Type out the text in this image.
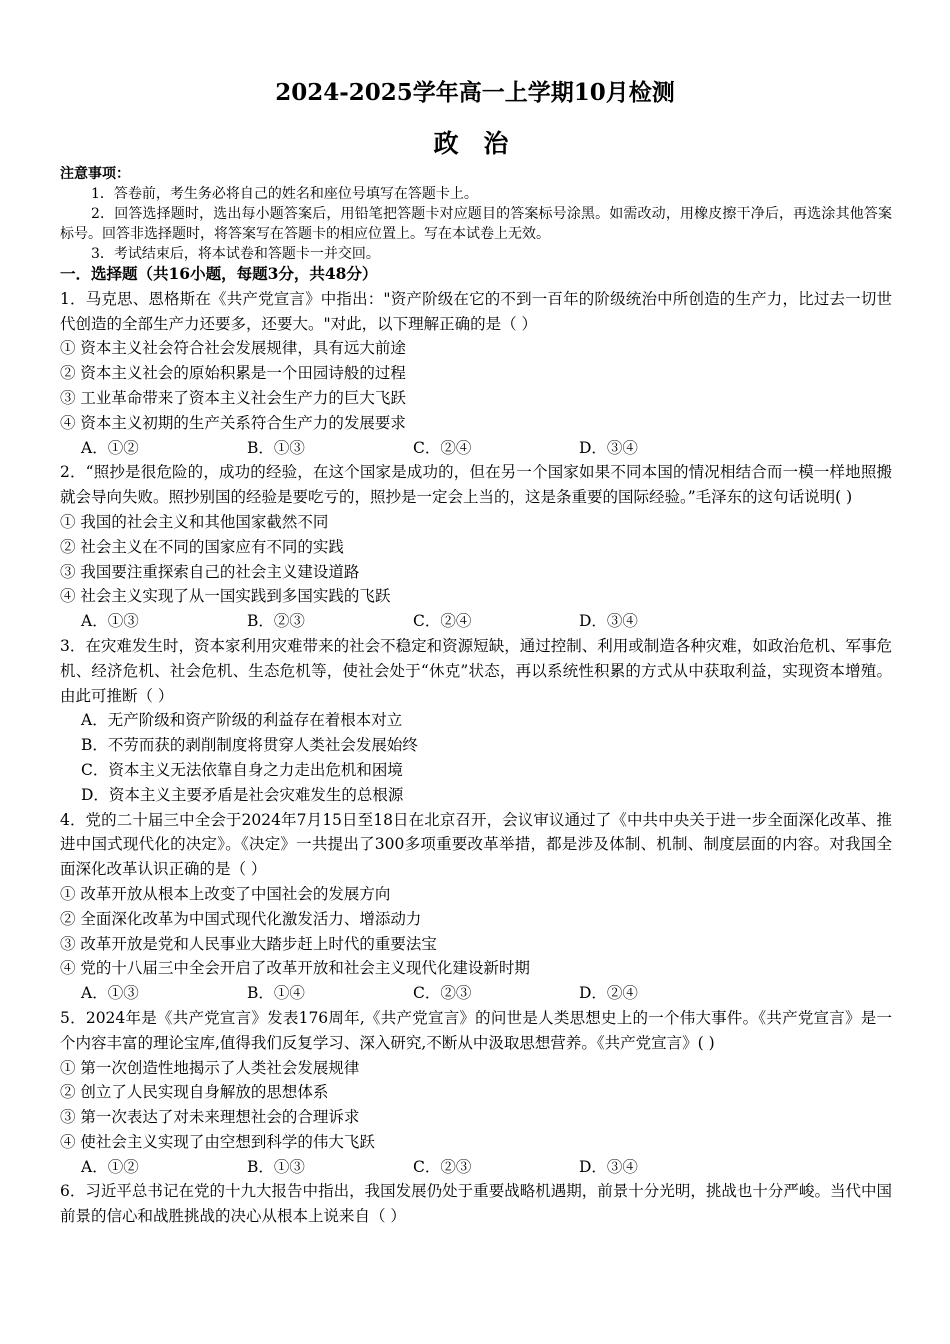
2024-2025学年高一上学期10月检测
政 治
注意事项：

1．答卷前，考生务必将自己的姓名和座位号填写在答题卡上。

2．回答选择题时，选出每小题答案后，用铅笔把答题卡对应题目的答案标号涂黑。如需改动，用橡皮擦干净后，再选涂其他答案标号。回答非选择题时，将答案写在答题卡的相应位置上。写在本试卷上无效。

3．考试结束后，将本试卷和答题卡一并交回。

一．选择题（共16小题，每题3分，共48分）

1．马克思、恩格斯在《共产党宣言》中指出："资产阶级在它的不到一百年的阶级统治中所创造的生产力，比过去一切世代创造的全部生产力还要多，还要大。"对此，以下理解正确的是（ ）

① 资本主义社会符合社会发展规律，具有远大前途

② 资本主义社会的原始积累是一个田园诗般的过程

③ 工业革命带来了资本主义社会生产力的巨大飞跃

④ 资本主义初期的生产关系符合生产力的发展要求

A．①②	B．①③	C．②④	D．③④

2．“照抄是很危险的，成功的经验，在这个国家是成功的，但在另一个国家如果不同本国的情况相结合而一模一样地照搬就会导向失败。照抄别国的经验是要吃亏的，照抄是一定会上当的，这是条重要的国际经验。”毛泽东的这句话说明( )

① 我国的社会主义和其他国家截然不同

② 社会主义在不同的国家应有不同的实践

③ 我国要注重探索自己的社会主义建设道路

④ 社会主义实现了从一国实践到多国实践的飞跃

A．①③	B．②③	C．②④	D．③④

3．在灾难发生时，资本家利用灾难带来的社会不稳定和资源短缺，通过控制、利用或制造各种灾难，如政治危机、军事危机、经济危机、社会危机、生态危机等，使社会处于“休克”状态，再以系统性积累的方式从中获取利益，实现资本增殖。由此可推断（ ）

A．无产阶级和资产阶级的利益存在着根本对立

B．不劳而获的剥削制度将贯穿人类社会发展始终

C．资本主义无法依靠自身之力走出危机和困境

D．资本主义主要矛盾是社会灾难发生的总根源

4．党的二十届三中全会于2024年7月15日至18日在北京召开，会议审议通过了《中共中央关于进一步全面深化改革、推进中国式现代化的决定》。《决定》一共提出了300多项重要改革举措，都是涉及体制、机制、制度层面的内容。对我国全面深化改革认识正确的是（ ）

① 改革开放从根本上改变了中国社会的发展方向

② 全面深化改革为中国式现代化激发活力、增添动力

③ 改革开放是党和人民事业大踏步赶上时代的重要法宝

④ 党的十八届三中全会开启了改革开放和社会主义现代化建设新时期

A．①③	B．①④	C．②③	D．②④

5．2024年是《共产党宣言》发表176周年,《共产党宣言》的问世是人类思想史上的一个伟大事件。《共产党宣言》是一个内容丰富的理论宝库,值得我们反复学习、深入研究,不断从中汲取思想营养。《共产党宣言》( )

① 第一次创造性地揭示了人类社会发展规律

② 创立了人民实现自身解放的思想体系

③ 第一次表达了对未来理想社会的合理诉求

④ 使社会主义实现了由空想到科学的伟大飞跃

A．①②	B．①③	C．②③	D．③④

6．习近平总书记在党的十九大报告中指出，我国发展仍处于重要战略机遇期，前景十分光明，挑战也十分严峻。当代中国前景的信心和战胜挑战的决心从根本上说来自（ ）
